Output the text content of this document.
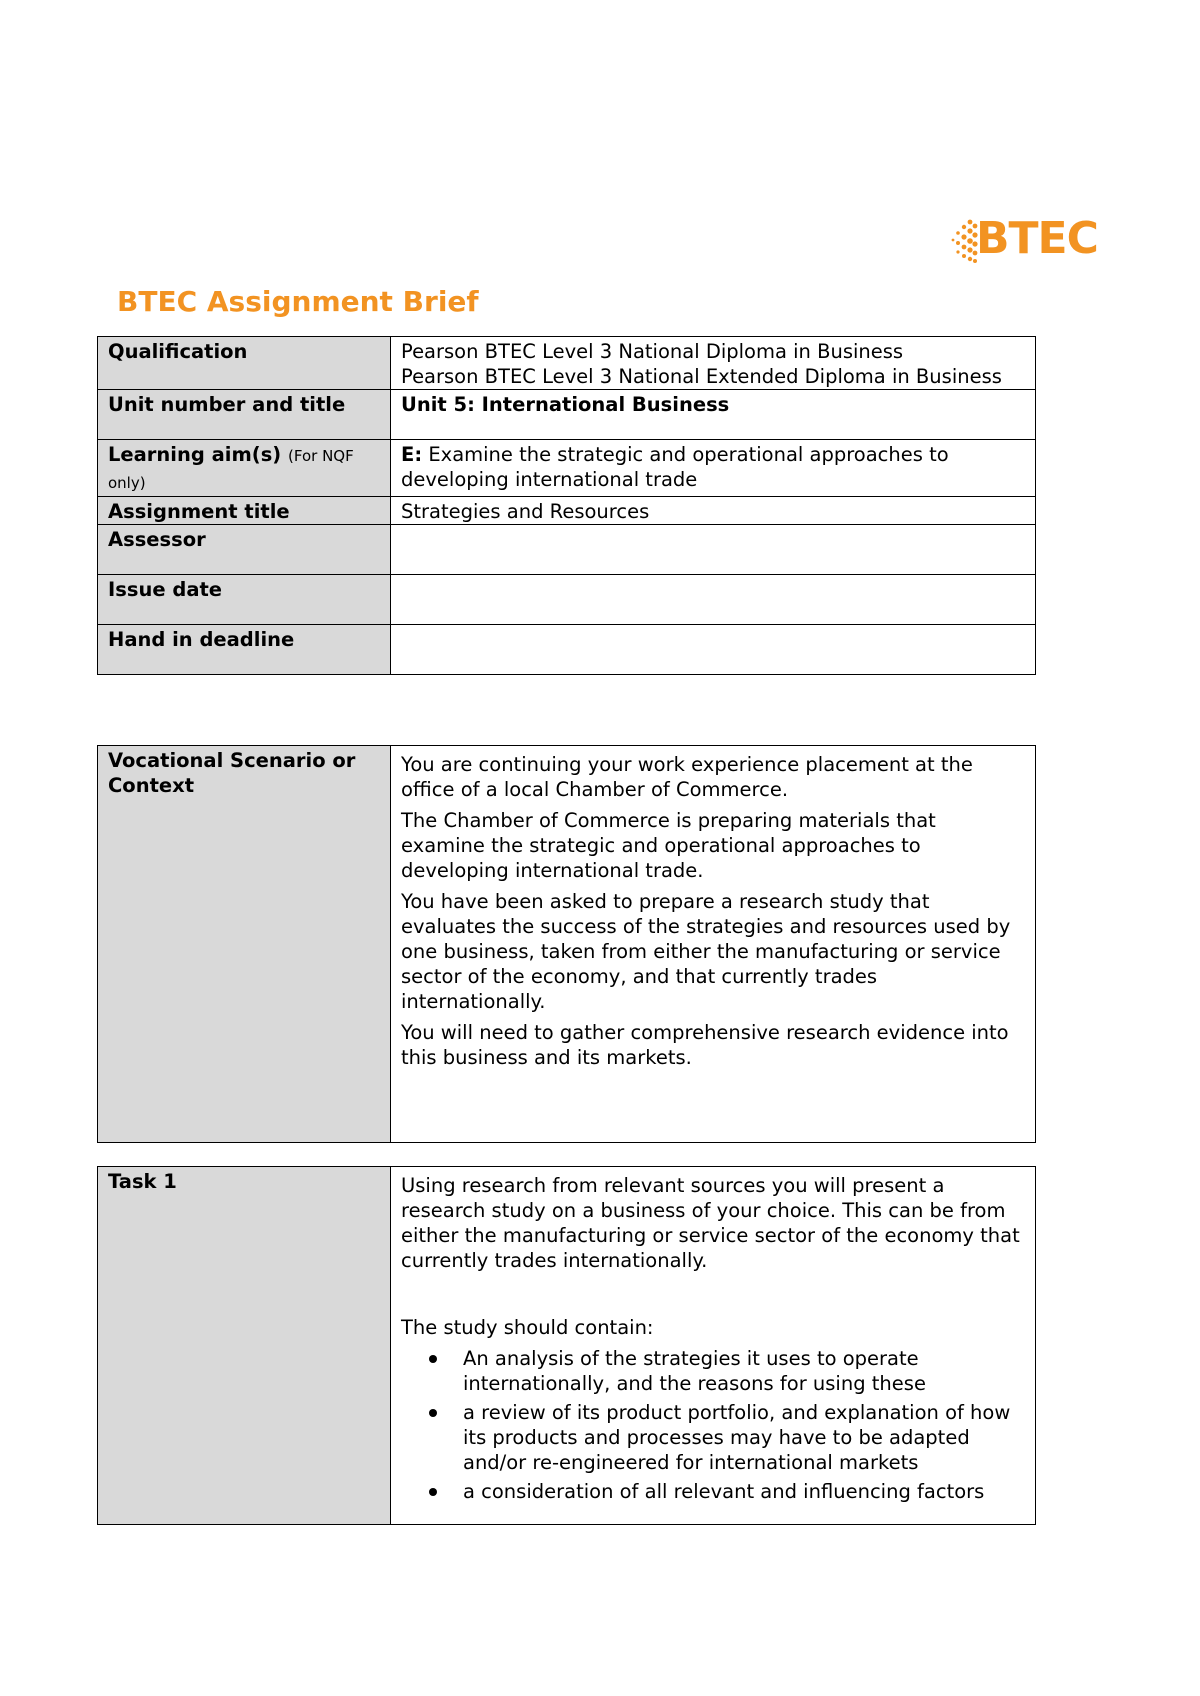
BTEC
BTEC Assignment Brief
Qualification	Pearson BTEC Level 3 National Diploma in Business
Pearson BTEC Level 3 National Extended Diploma in Business

Unit number and title	Unit 5: International Business
Learning aim(s) (For NQF only)	E: Examine the strategic and operational approaches to developing international trade
Assignment title	Strategies and Resources
Assessor	
Issue date	
Hand in deadline	
Vocational Scenario or Context	

You are continuing your work experience placement at the office of a local Chamber of Commerce.

The Chamber of Commerce is preparing materials that examine the strategic and operational approaches to developing international trade.

You have been asked to prepare a research study that evaluates the success of the strategies and resources used by one business, taken from either the manufacturing or service sector of the economy, and that currently trades internationally.

You will need to gather comprehensive research evidence into this business and its markets.

Task 1	Using research from relevant sources you will present a research study on a business of your choice. This can be from either the manufacturing or service sector of the economy that currently trades internationally.

The study should contain:

An analysis of the strategies it uses to operate internationally, and the reasons for using these
a review of its product portfolio, and explanation of how its products and processes may have to be adapted and/or re-engineered for international markets
a consideration of all relevant and influencing factors
